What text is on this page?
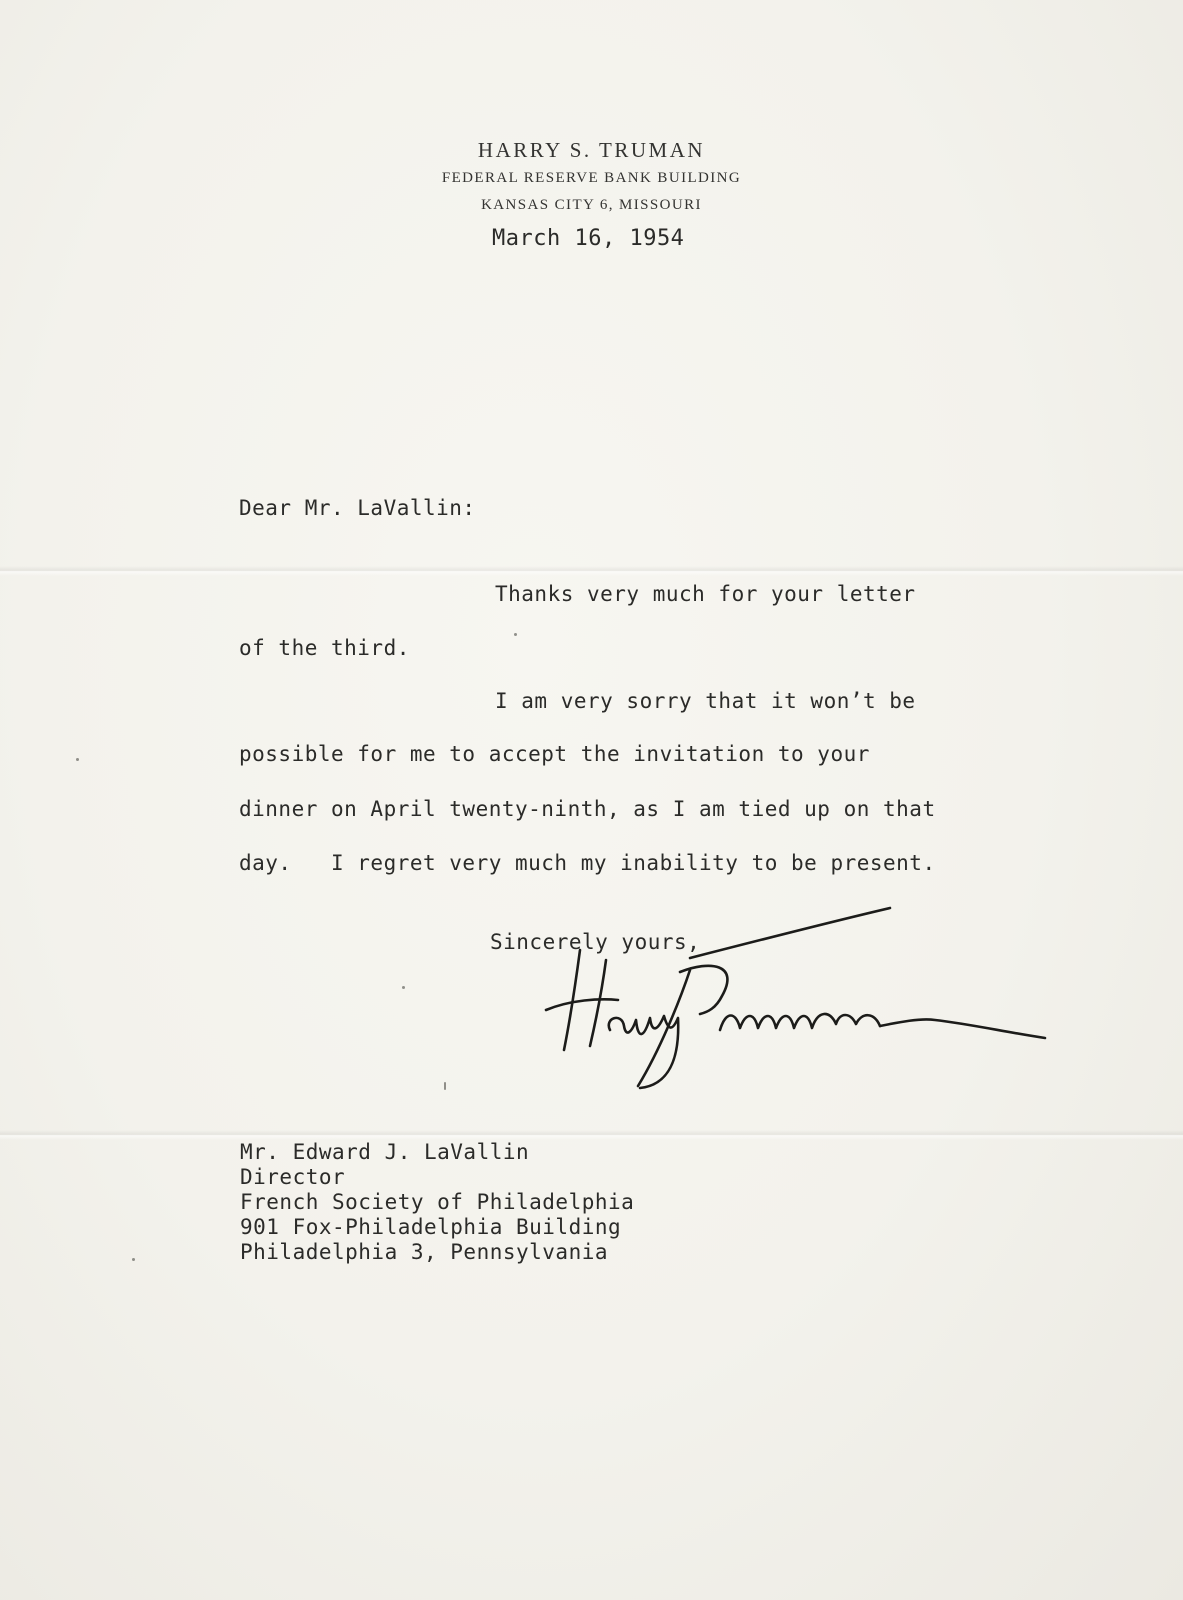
HARRY S. TRUMAN
FEDERAL RESERVE BANK BUILDING
KANSAS CITY 6, MISSOURI
March 16, 1954
Dear Mr. LaVallin:
Thanks very much for your letter
of the third.
I am very sorry that it won’t be
possible for me to accept the invitation to your
dinner on April twenty-ninth, as I am tied up on that
day.   I regret very much my inability to be present.
Sincerely yours,
Mr. Edward J. LaVallin
Director
French Society of Philadelphia
901 Fox-Philadelphia Building
Philadelphia 3, Pennsylvania
